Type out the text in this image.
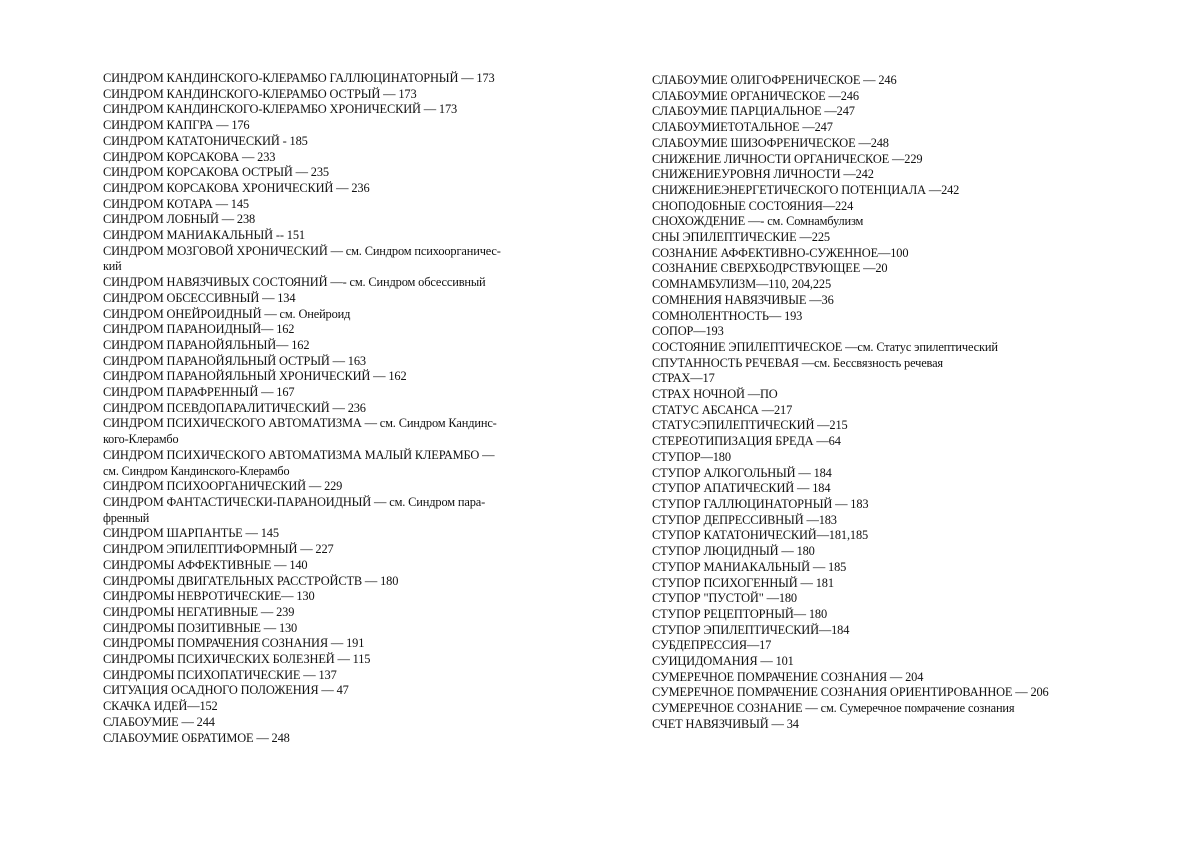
СИНДРОМ КАНДИНСКОГО-КЛЕРАМБО ГАЛЛЮЦИНАТОРНЫЙ — 173
СИНДРОМ КАНДИНСКОГО-КЛЕРАМБО ОСТРЫЙ — 173
СИНДРОМ КАНДИНСКОГО-КЛЕРАМБО ХРОНИЧЕСКИЙ — 173
СИНДРОМ КАПГРА — 176
СИНДРОМ КАТАТОНИЧЕСКИЙ - 185
СИНДРОМ КОРСАКОВА — 233
СИНДРОМ КОРСАКОВА ОСТРЫЙ — 235
СИНДРОМ КОРСАКОВА ХРОНИЧЕСКИЙ — 236
СИНДРОМ КОТАРА — 145
СИНДРОМ ЛОБНЫЙ — 238
СИНДРОМ МАНИАКАЛЬНЫЙ -- 151
СИНДРОМ МОЗГОВОЙ ХРОНИЧЕСКИЙ — см. Синдром психоорганичес-
кий
СИНДРОМ НАВЯЗЧИВЫХ СОСТОЯНИЙ —- см. Синдром обсессивный
СИНДРОМ ОБСЕССИВНЫЙ — 134
СИНДРОМ ОНЕЙРОИДНЫЙ — см. Онейроид
СИНДРОМ ПАРАНОИДНЫЙ— 162
СИНДРОМ ПАРАНОЙЯЛЬНЫЙ— 162
СИНДРОМ ПАРАНОЙЯЛЬНЫЙ ОСТРЫЙ — 163
СИНДРОМ ПАРАНОЙЯЛЬНЫЙ ХРОНИЧЕСКИЙ — 162
СИНДРОМ ПАРАФРЕННЫЙ — 167
СИНДРОМ ПСЕВДОПАРАЛИТИЧЕСКИЙ — 236
СИНДРОМ ПСИХИЧЕСКОГО АВТОМАТИЗМА — см. Синдром Кандинс-
кого-Клерамбо
СИНДРОМ ПСИХИЧЕСКОГО АВТОМАТИЗМА МАЛЫЙ КЛЕРАМБО —
см. Синдром Кандинского-Клерамбо
СИНДРОМ ПСИХООРГАНИЧЕСКИЙ — 229
СИНДРОМ ФАНТАСТИЧЕСКИ-ПАРАНОИДНЫЙ — см. Синдром пара-
френный
СИНДРОМ ШАРПАНТЬЕ — 145
СИНДРОМ ЭПИЛЕПТИФОРМНЫЙ — 227
СИНДРОМЫ АФФЕКТИВНЫЕ — 140
СИНДРОМЫ ДВИГАТЕЛЬНЫХ РАССТРОЙСТВ — 180
СИНДРОМЫ НЕВРОТИЧЕСКИЕ— 130
СИНДРОМЫ НЕГАТИВНЫЕ — 239
СИНДРОМЫ ПОЗИТИВНЫЕ — 130
СИНДРОМЫ ПОМРАЧЕНИЯ СОЗНАНИЯ — 191
СИНДРОМЫ ПСИХИЧЕСКИХ БОЛЕЗНЕЙ — 115
СИНДРОМЫ ПСИХОПАТИЧЕСКИЕ — 137
СИТУАЦИЯ ОСАДНОГО ПОЛОЖЕНИЯ — 47
СКАЧКА ИДЕЙ—152
СЛАБОУМИЕ — 244
СЛАБОУМИЕ ОБРАТИМОЕ — 248
СЛАБОУМИЕ ОЛИГОФРЕНИЧЕСКОЕ — 246
СЛАБОУМИЕ ОРГАНИЧЕСКОЕ —246
СЛАБОУМИЕ ПАРЦИАЛЬНОЕ —247
СЛАБОУМИЕТОТАЛЬНОЕ —247
СЛАБОУМИЕ ШИЗОФРЕНИЧЕСКОЕ —248
СНИЖЕНИЕ ЛИЧНОСТИ ОРГАНИЧЕСКОЕ —229
СНИЖЕНИЕУРОВНЯ ЛИЧНОСТИ —242
СНИЖЕНИЕЭНЕРГЕТИЧЕСКОГО ПОТЕНЦИАЛА —242
СНОПОДОБНЫЕ СОСТОЯНИЯ—224
СНОХОЖДЕНИЕ —- см. Сомнамбулизм
СНЫ ЭПИЛЕПТИЧЕСКИЕ —225
СОЗНАНИЕ АФФЕКТИВНО-СУЖЕННОЕ—100
СОЗНАНИЕ СВЕРХБОДРСТВУЮЩЕЕ —20
СОМНАМБУЛИЗМ—110, 204,225
СОМНЕНИЯ НАВЯЗЧИВЫЕ —36
СОМНОЛЕНТНОСТЬ— 193
СОПОР—193
СОСТОЯНИЕ ЭПИЛЕПТИЧЕСКОЕ —см. Статус эпилептический
СПУТАННОСТЬ РЕЧЕВАЯ —см. Бессвязность речевая
СТРАХ—17
СТРАХ НОЧНОЙ —ПО
СТАТУС АБСАНСА —217
СТАТУСЭПИЛЕПТИЧЕСКИЙ —215
СТЕРЕОТИПИЗАЦИЯ БРЕДА —64
СТУПОР—180
СТУПОР АЛКОГОЛЬНЫЙ — 184
СТУПОР АПАТИЧЕСКИЙ — 184
СТУПОР ГАЛЛЮЦИНАТОРНЫЙ — 183
СТУПОР ДЕПРЕССИВНЫЙ —183
СТУПОР КАТАТОНИЧЕСКИЙ—181,185
СТУПОР ЛЮЦИДНЫЙ — 180
СТУПОР МАНИАКАЛЬНЫЙ — 185
СТУПОР ПСИХОГЕННЫЙ — 181
СТУПОР "ПУСТОЙ" —180
СТУПОР РЕЦЕПТОРНЫЙ— 180
СТУПОР ЭПИЛЕПТИЧЕСКИЙ—184
СУБДЕПРЕССИЯ—17
СУИЦИДОМАНИЯ — 101
СУМЕРЕЧНОЕ ПОМРАЧЕНИЕ СОЗНАНИЯ — 204
СУМЕРЕЧНОЕ ПОМРАЧЕНИЕ СОЗНАНИЯ ОРИЕНТИРОВАННОЕ — 206
СУМЕРЕЧНОЕ СОЗНАНИЕ — см. Сумеречное помрачение сознания
СЧЕТ НАВЯЗЧИВЫЙ — 34
